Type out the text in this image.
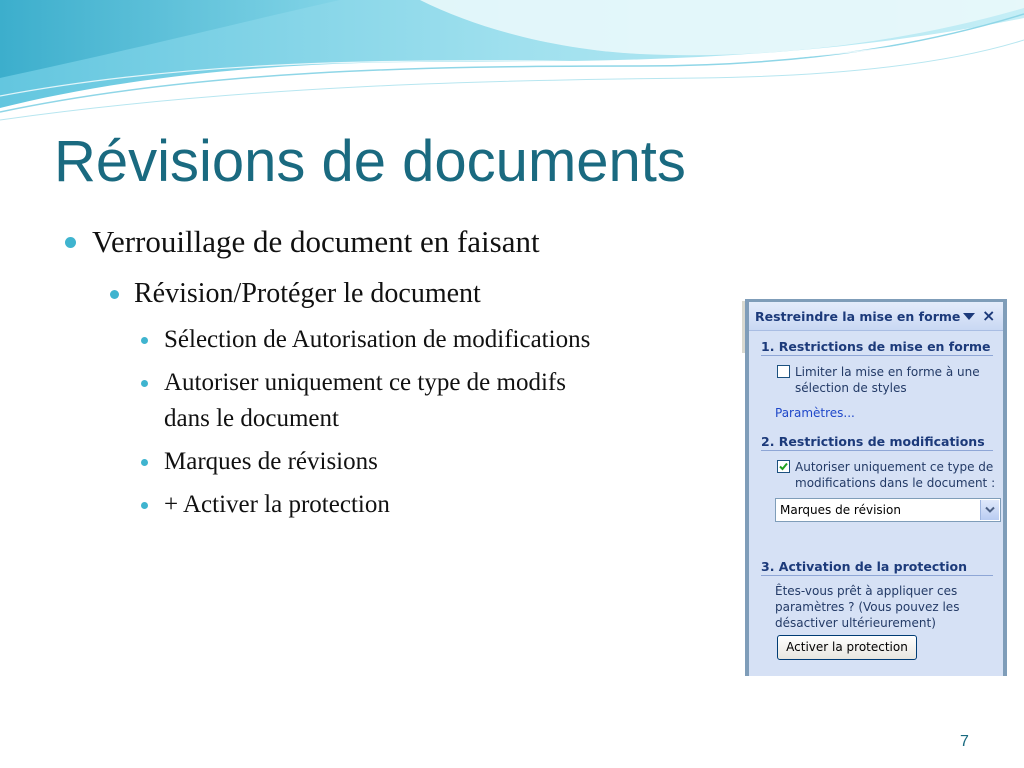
Révisions de documents
Verrouillage de document en faisant
Révision/Protéger le document
Sélection de Autorisation de modifications
Autoriser uniquement ce type de modifs
dans le document
Marques de révisions
+ Activer la protection
Restreindre la mise en forme ×
1. Restrictions de mise en forme
Limiter la mise en forme à une
sélection de styles
Paramètres...
2. Restrictions de modifications
Autoriser uniquement ce type de
modifications dans le document :
Marques de révision
3. Activation de la protection
Êtes-vous prêt à appliquer ces
paramètres ? (Vous pouvez les
désactiver ultérieurement)
Activer la protection
7
